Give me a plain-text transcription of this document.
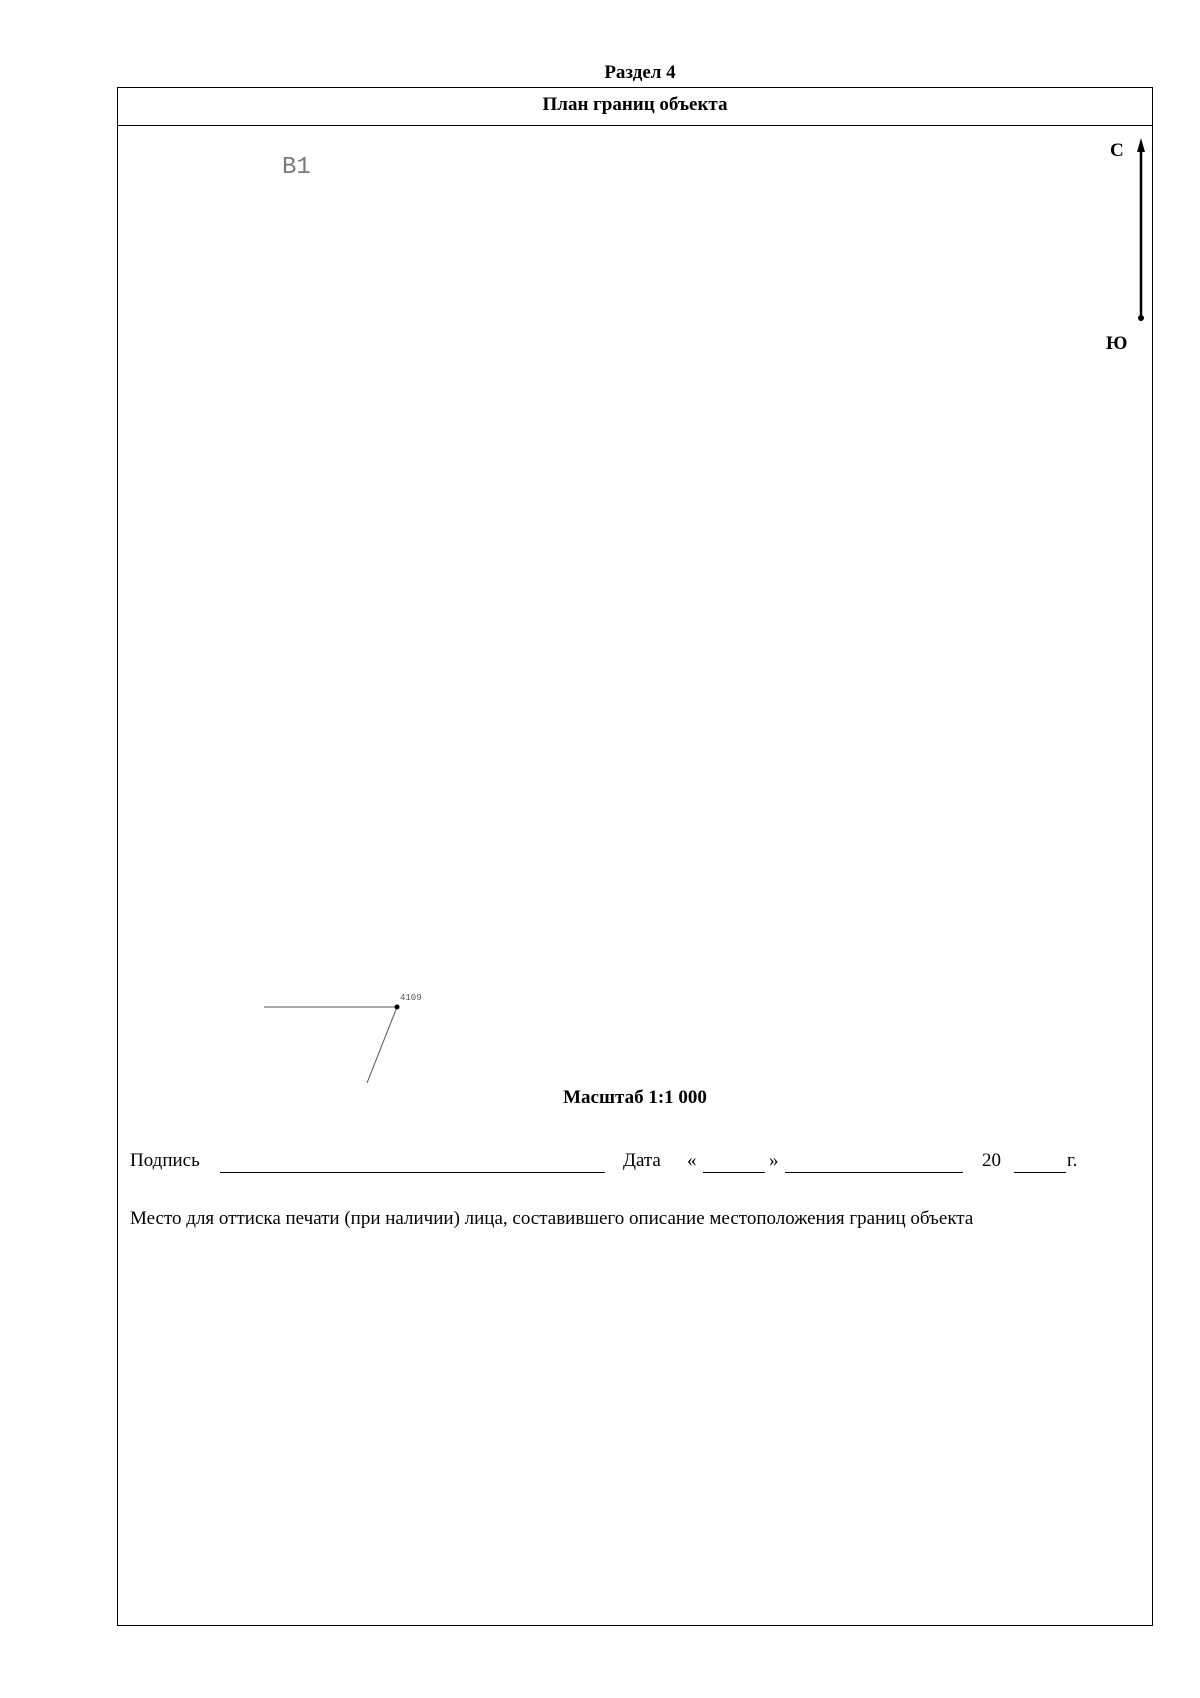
Раздел 4
План границ объекта
В1
С
Ю
4109
Масштаб 1:1 000
Подпись	Дата «	»	20	г.
Место для оттиска печати (при наличии) лица, составившего описание местоположения границ объекта
